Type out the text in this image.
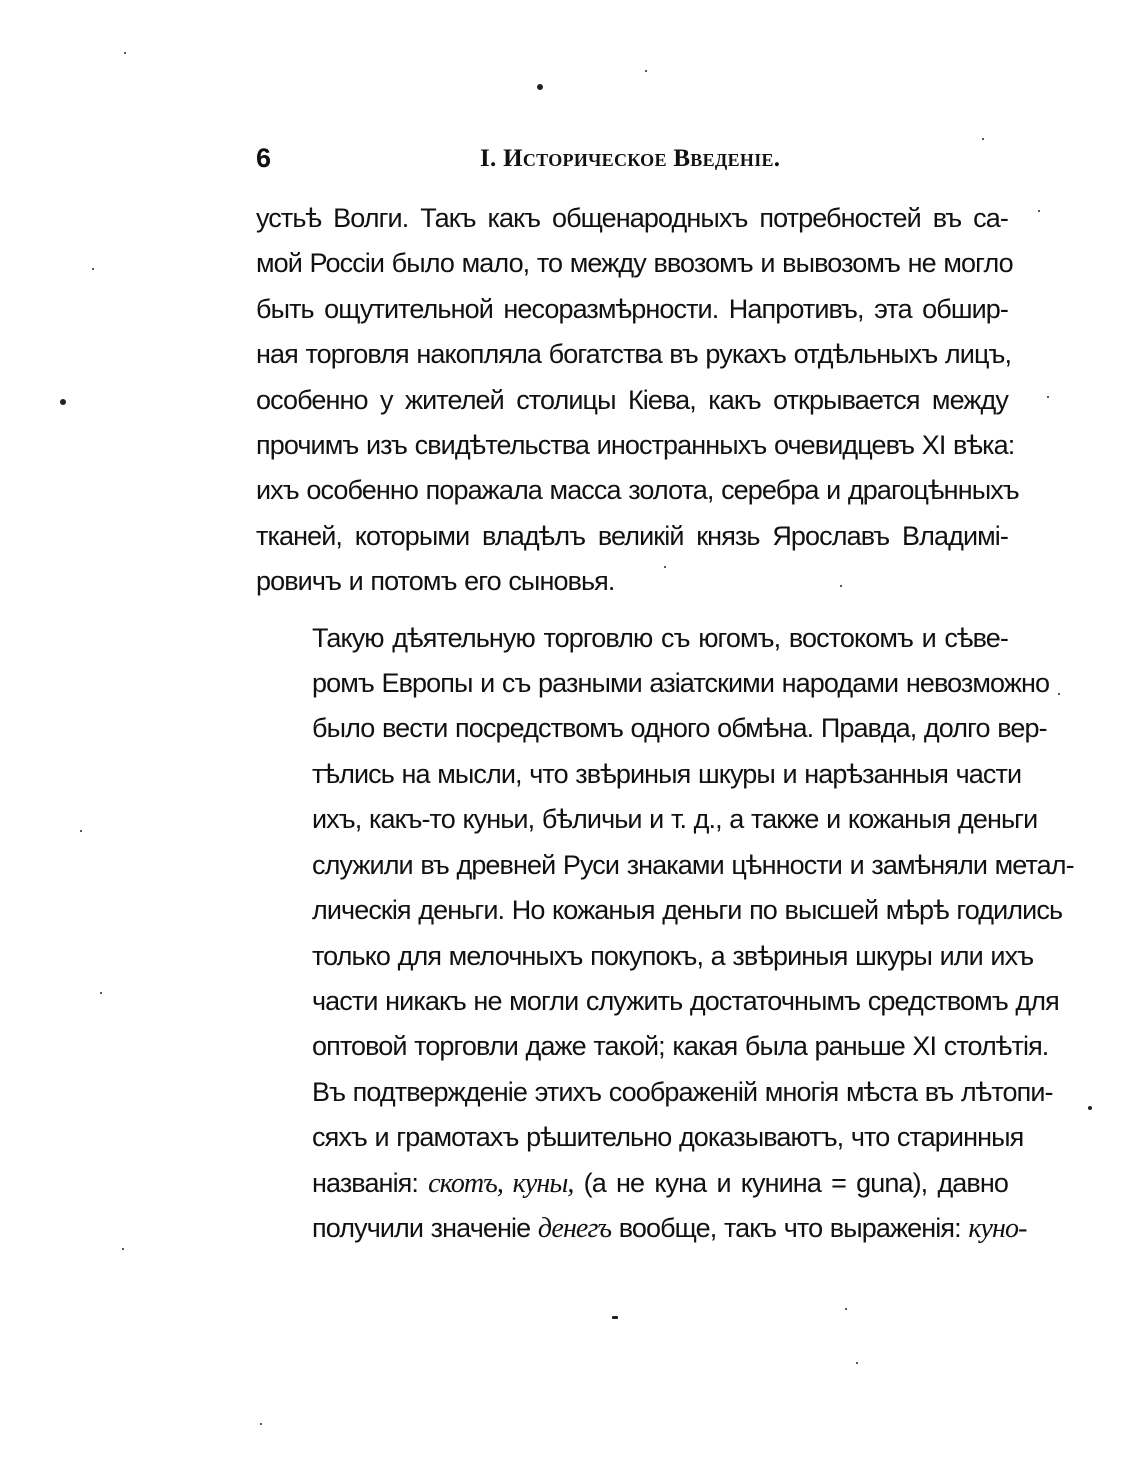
6	I. Историческое Введеніе.

устьѣ Волги. Такъ какъ общенародныхъ потребностей въ са-
мой Россіи было мало, то между ввозомъ и вывозомъ не могло
быть ощутительной несоразмѣрности. Напротивъ, эта обшир-
ная торговля накопляла богатства въ рукахъ отдѣльныхъ лицъ,
особенно у жителей столицы Кіева, какъ открывается между
прочимъ изъ свидѣтельства иностранныхъ очевидцевъ XI вѣка:
ихъ особенно поражала масса золота, серебра и драгоцѣнныхъ
тканей, которыми владѣлъ великій князь Ярославъ Владимі-
ровичъ и потомъ его сыновья.

Такую дѣятельную торговлю съ югомъ, востокомъ и сѣве-
ромъ Европы и съ разными азіатскими народами невозможно
было вести посредствомъ одного обмѣна. Правда, долго вер-
тѣлись на мысли, что звѣриныя шкуры и нарѣзанныя части
ихъ, какъ-то куньи, бѣличьи и т. д., а также и кожаныя деньги
служили въ древней Руси знаками цѣнности и замѣняли метал-
лическія деньги. Но кожаныя деньги по высшей мѣрѣ годились
только для мелочныхъ покупокъ, а звѣриныя шкуры или ихъ
части никакъ не могли служить достаточнымъ средствомъ для
оптовой торговли даже такой; какая была раньше XI столѣтія.
Въ подтвержденіе этихъ соображеній многія мѣста въ лѣтопи-
сяхъ и грамотахъ рѣшительно доказываютъ, что старинныя
названія: скотъ, куны, (а не куна и кунина = guna), давно
получили значеніе денегъ вообще, такъ что выраженія: куно-
